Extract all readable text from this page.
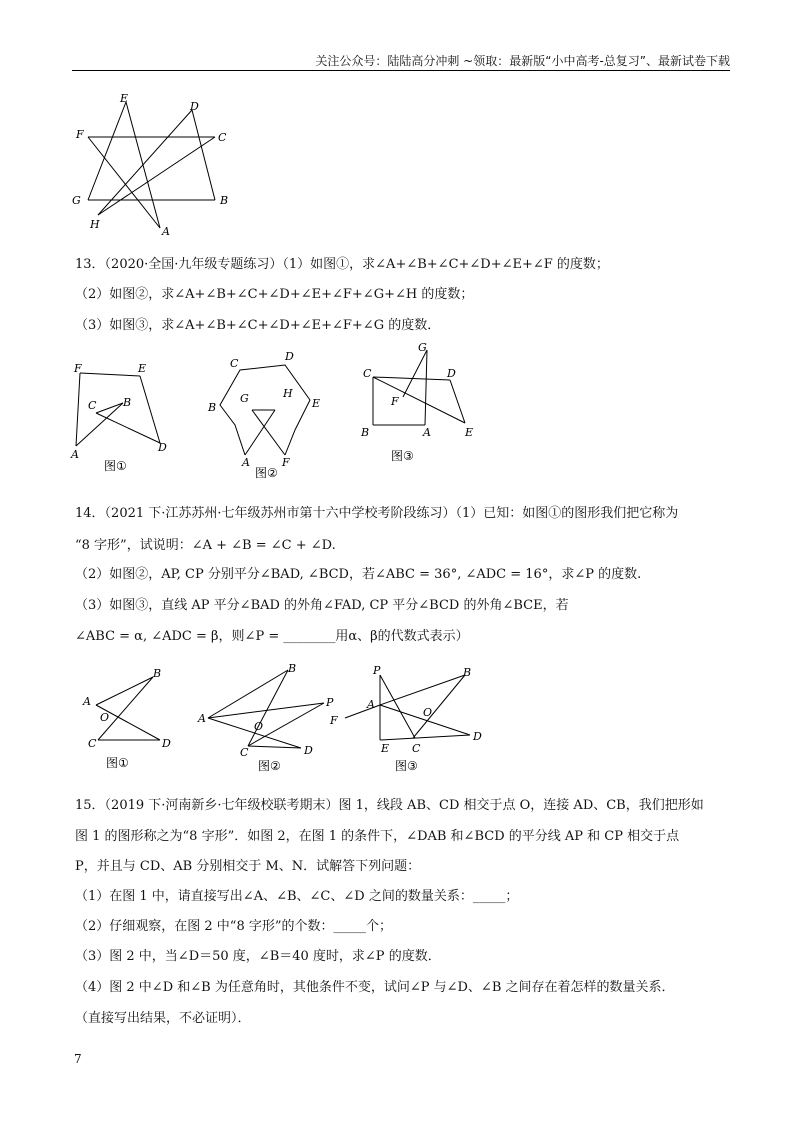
关注公众号：陆陆高分冲刺 ~领取：最新版“小中高考-总复习”、最新试卷下载
E
D
F	C
G	B
H
A
13．（2020·全国·九年级专题练习）（1）如图①，求∠A+∠B+∠C+∠D+∠E+∠F 的度数；
（2）如图②，求∠A+∠B+∠C+∠D+∠E+∠F+∠G+∠H 的度数；
（3）如图③，求∠A+∠B+∠C+∠D+∠E+∠F+∠G 的度数．
F	E
C B
A
D
图①
C
D
B	E
G	H
A	F
图②
G
C	D
F
B	A	E
图③
14．（2021 下·江苏苏州·七年级苏州市第十六中学校考阶段练习）（1）已知：如图①的图形我们把它称为
“8 字形”，试说明：∠A + ∠B = ∠C + ∠D.
（2）如图②，AP, CP 分别平分∠BAD, ∠BCD，若∠ABC = 36°, ∠ADC = 16°，求∠P 的度数.
（3）如图③，直线 AP 平分∠BAD 的外角∠FAD, CP 平分∠BCD 的外角∠BCE，若
∠ABC = α, ∠ADC = β，则∠P = ________用α、β的代数式表示）
B
A
O
C	D
图①
B
P
A
O
C	D
图②
P	B
A
F
O
E C
D
图③
15．（2019 下·河南新乡·七年级校联考期末）图 1，线段 AB、CD 相交于点 O，连接 AD、CB，我们把形如
图 1 的图形称之为“8 字形”．如图 2，在图 1 的条件下，∠DAB 和∠BCD 的平分线 AP 和 CP 相交于点
P，并且与 CD、AB 分别相交于 M、N．试解答下列问题：
（1）在图 1 中，请直接写出∠A、∠B、∠C、∠D 之间的数量关系：_____；
（2）仔细观察，在图 2 中“8 字形”的个数：_____个；
（3）图 2 中，当∠D＝50 度，∠B＝40 度时，求∠P 的度数．
（4）图 2 中∠D 和∠B 为任意角时，其他条件不变，试问∠P 与∠D、∠B 之间存在着怎样的数量关系．
（直接写出结果，不必证明）．
7
